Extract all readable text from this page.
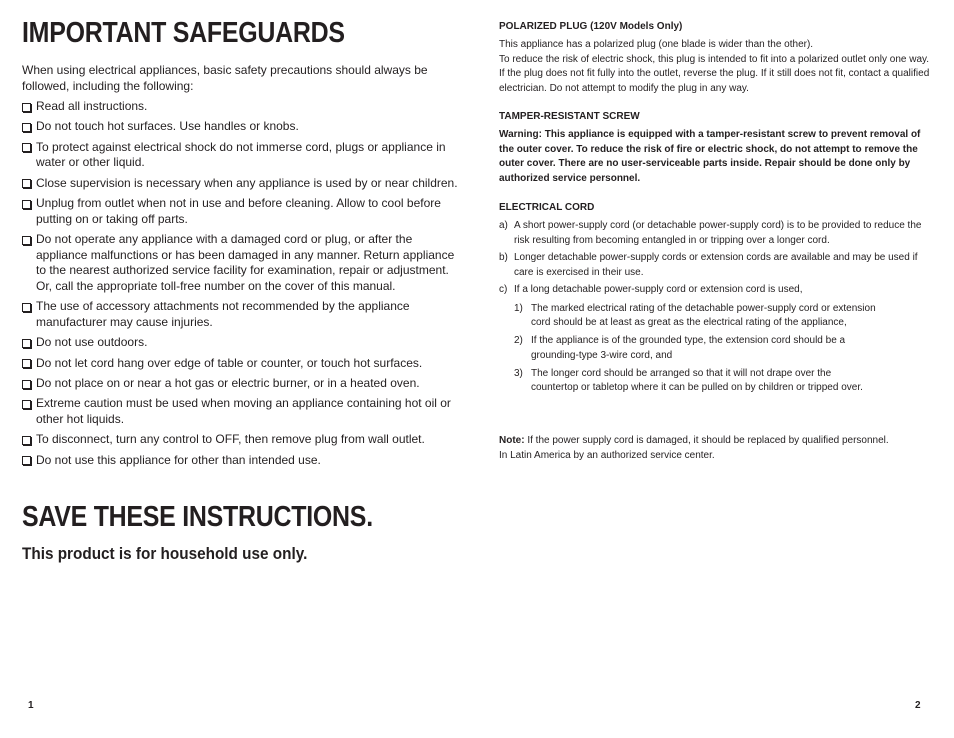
IMPORTANT SAFEGUARDS

When using electrical appliances, basic safety precautions should always be followed, including the following:

Read all instructions.
Do not touch hot surfaces. Use handles or knobs.
To protect against electrical shock do not immerse cord, plugs or appliance in water or other liquid.
Close supervision is necessary when any appliance is used by or near children.
Unplug from outlet when not in use and before cleaning. Allow to cool before putting on or taking off parts.
Do not operate any appliance with a damaged cord or plug, or after the appliance malfunctions or has been damaged in any manner. Return appliance to the nearest authorized service facility for examination, repair or adjustment. Or, call the appropriate toll-free number on the cover of this manual.
The use of accessory attachments not recommended by the appliance manufacturer may cause injuries.
Do not use outdoors.
Do not let cord hang over edge of table or counter, or touch hot surfaces.
Do not place on or near a hot gas or electric burner, or in a heated oven.
Extreme caution must be used when moving an appliance containing hot oil or other hot liquids.
To disconnect, turn any control to OFF, then remove plug from wall outlet.
Do not use this appliance for other than intended use.
SAVE THESE INSTRUCTIONS.
This product is for household use only.
1
POLARIZED PLUG (120V Models Only)

This appliance has a polarized plug (one blade is wider than the other).

To reduce the risk of electric shock, this plug is intended to fit into a polarized outlet only one way. If the plug does not fit fully into the outlet, reverse the plug. If it still does not fit, contact a qualified electrician. Do not attempt to modify the plug in any way.

TAMPER-RESISTANT SCREW

Warning: This appliance is equipped with a tamper-resistant screw to prevent removal of the outer cover. To reduce the risk of fire or electric shock, do not attempt to remove the outer cover. There are no user-serviceable parts inside. Repair should be done only by authorized service personnel.

ELECTRICAL CORD
a) A short power-supply cord (or detachable power-supply cord) is to be provided to reduce the risk resulting from becoming entangled in or tripping over a longer cord.
b) Longer detachable power-supply cords or extension cords are available and may be used if care is exercised in their use.
c) If a long detachable power-supply cord or extension cord is used,
1) The marked electrical rating of the detachable power-supply cord or extension cord should be at least as great as the electrical rating of the appliance,
2) If the appliance is of the grounded type, the extension cord should be a grounding-type 3-wire cord, and
3) The longer cord should be arranged so that it will not drape over the countertop or tabletop where it can be pulled on by children or tripped over.

Note: If the power supply cord is damaged, it should be replaced by qualified personnel.

In Latin America by an authorized service center.

2
